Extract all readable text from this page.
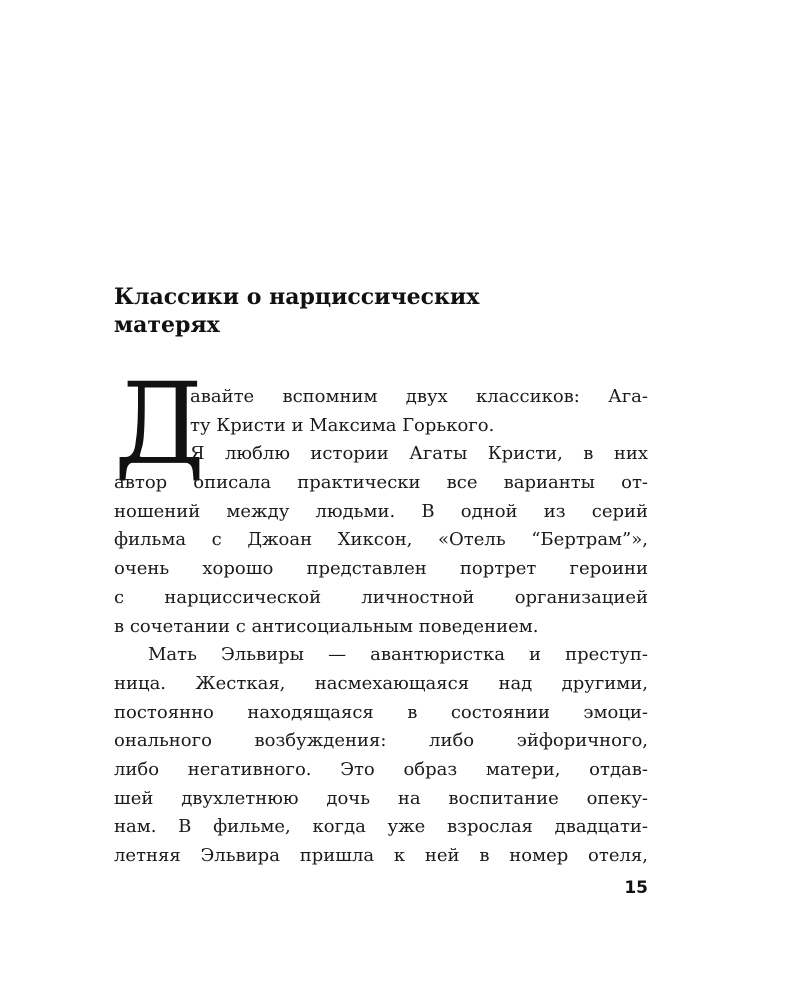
Классики о нарциссических
матерях
Д
авайте вспомним двух классиков: Ага-
ту Кристи и Максима Горького.
Я люблю истории Агаты Кристи, в них
автор описала практически все варианты от-
ношений между людьми. В одной из серий
фильма с Джоан Хиксон, «Отель “Бертрам”»,
очень хорошо представлен портрет героини
с нарциссической личностной организацией
в сочетании с антисоциальным поведением.
Мать Эльвиры — авантюристка и преступ-
ница. Жесткая, насмехающаяся над другими,
постоянно находящаяся в состоянии эмоци-
онального возбуждения: либо эйфоричного,
либо негативного. Это образ матери, отдав-
шей двухлетнюю дочь на воспитание опеку-
нам. В фильме, когда уже взрослая двадцати-
летняя Эльвира пришла к ней в номер отеля,
15
